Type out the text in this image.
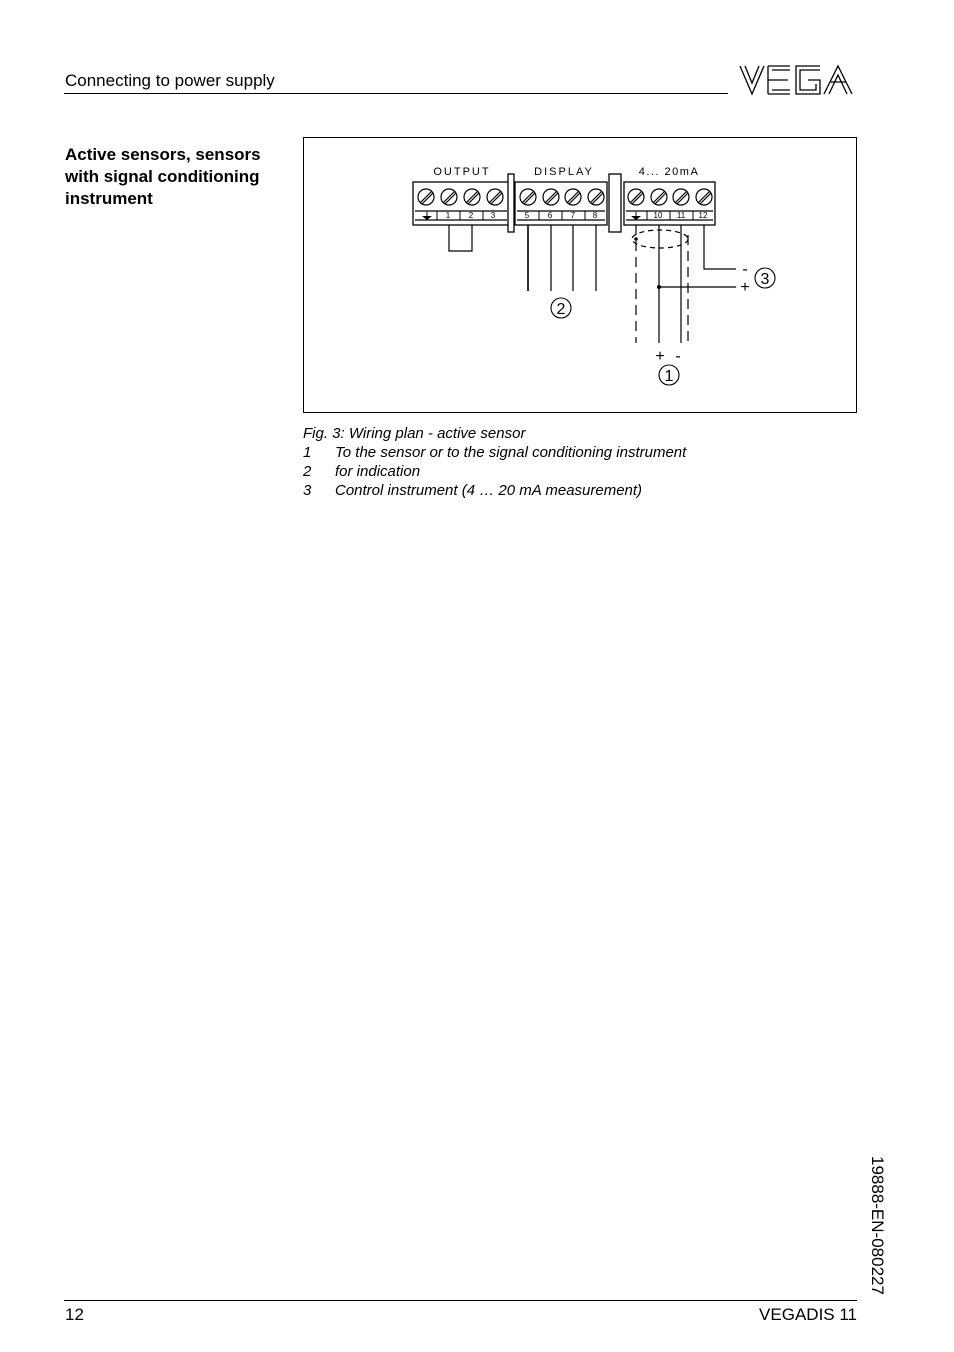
Connecting to power supply
Active sensors, sensors with signal conditioning instrument
OUTPUT	DISPLAY	4... 20mA
1 2 3	5 6 7 8	10 11 12
-
+
+ -
1
2
3
Fig. 3: Wiring plan - active sensor
1	To the sensor or to the signal conditioning instrument
2	for indication
3	Control instrument (4 … 20 mA measurement)
19888-EN-080227
12	VEGADIS 11
